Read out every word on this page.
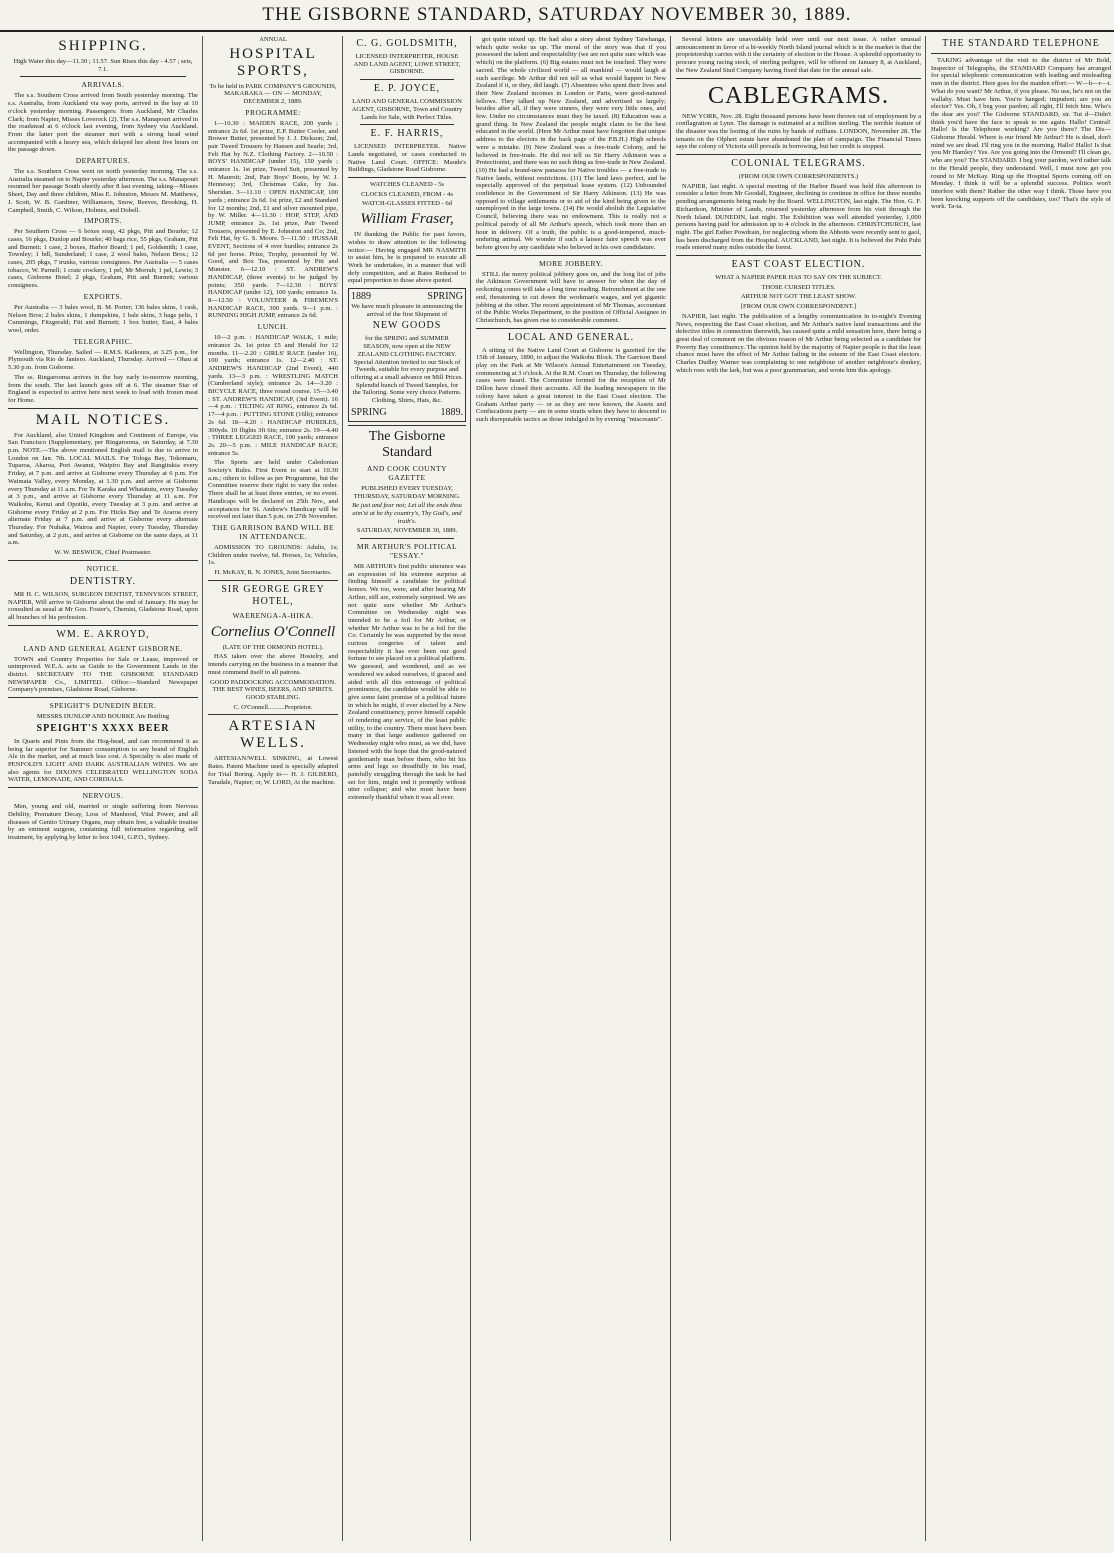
THE GISBORNE STANDARD, SATURDAY NOVEMBER 30, 1889.
SHIPPING.

High Water this day—11.30 ; 11.57. Sun Rises this day - 4.57 ; sets, 7.1.

ARRIVALS.

The s.s. Southern Cross arrived from South yesterday morning. The s.s. Australia, from Auckland via way ports, arrived in the bay at 10 o'clock yesterday morning. Passengers: from Auckland, Mr Charles Clark; from Napier, Misses Loverock (2). The s.s. Manapouri arrived in the roadstead at 6 o'clock last evening, from Sydney via Auckland. From the latter port the steamer met with a strong head wind accompanied with a heavy sea, which delayed her about five hours on the passage down.

DEPARTURES.

The s.s. Southern Cross went on north yesterday morning. The s.s. Australia steamed on to Napier yesterday afternoon. The s.s. Manapouri resumed her passage South shortly after 8 last evening, taking—Misses Sheet, Day and three children, Miss E. Johnston, Messrs M. Matthews, J. Scott, W. B. Gardiner, Williamson, Snow, Reeves, Brooking, H. Campbell, Smith, C. Wilson, Holmes, and Dobell.

IMPORTS.

Per Southern Cross — 6 boxes soap, 42 pkgs, Pitt and Bourke; 12 cases, 16 pkgs, Dunlop and Bourke; 40 bags rice, 55 pkgs, Graham, Pitt and Burnett; 1 case, 2 boxes, Harbor Board; 1 pel, Goldsmith; 1 case, Townley; 1 bdl, Sunderland; 1 case, 2 wool bales, Nelson Bros.; 12 cases, 205 pkgs, 7 trunks, various consignees. Per Australia — 5 cases tobacco, W. Parnell; 1 crate crockery, 1 pel, Mr Morrah; 1 pel, Lewis; 3 cases, Gisborne Hotel; 2 pkgs, Graham, Pitt and Burnett; various consignees.

EXPORTS.

Per Australia — 3 bales wool, B. M. Porter; 136 bales skins, 1 cask, Nelson Bros; 2 bales skins, 1 dumpskins, 1 bale skins, 3 bags pelts, 1 Cummings, Fitzgerald; Fitt and Burnett; 1 box butter, East, 4 bales wool, order.

TELEGRAPHIC.

Wellington, Thursday. Sailed — R.M.S. Kaikoura, at 3.25 p.m., for Plymouth via Rio de Janiero. Auckland, Thursday. Arrived — Ohau at 5.30 p.m. from Gisborne.

The ss. Ringarooma arrives in the bay early to-morrow morning, from the south. The last launch goes off at 6. The steamer Star of England is expected to arrive here next week to load with frozen meat for Home.

MAIL NOTICES.

For Auckland, also United Kingdom and Continent of Europe, via San Francisco (Supplementary, per Ringarooma, on Saturday, at 7.30 p.m. NOTE.—The above mentioned English mail is due to arrive in London on Jan. 7th. LOCAL MAILS. For Tologa Bay, Tokomaru, Tuparoa, Akaroa, Port Awanui, Waipiro Bay and Rangitukia every Friday, at 7 p.m. and arrive at Gisborne every Thursday at 6 p.m. For Waimata Valley, every Monday, at 1.30 p.m. and arrive at Gisborne every Thursday at 11 a.m. For Te Karaka and Whatatutu, every Tuesday at 3 p.m., and arrive at Gisborne every Thursday at 11 a.m. For Waikohu, Kenui and Opotiki, every Tuesday at 3 p.m. and arrive at Gisborne every Friday at 2 p.m. For Hicks Bay and Te Araroa every alternate Friday at 7 p.m. and arrive at Gisborne every alternate Thursday. For Nuhaka, Wairoa and Napier, every Tuesday, Thursday and Saturday, at 2 p.m., and arrive at Gisborne on the same days, at 11 a.m.

W. W. BESWICK, Chief Postmaster.

NOTICE.
DENTISTRY.

MR H. C. WILSON, SURGEON DENTIST, TENNYSON STREET, NAPIER, Will arrive in Gisborne about the end of January. He may be consulted as usual at Mr Goo. Foster's, Chemist, Gladstone Road, upon all branches of his profession.

WM. E. AKROYD,
LAND AND GENERAL AGENT GISBORNE.

TOWN and Country Properties for Sale or Lease, improved or unimproved. W.E.A. acts as Guide to the Government Lands in the district. SECRETARY TO THE GISBORNE STANDARD NEWSPAPER Co., LIMITED. Office:—Standard Newspaper Company's premises, Gladstone Road, Gisborne.

SPEIGHT'S DUNEDIN BEER.

MESSRS DUNLOP AND BOURKE Are Bottling

SPEIGHT'S XXXX BEER

In Quarts and Pints from the Hog-head, and can recommend it as being far superior for Summer consumption to any brand of English Ale in the market, and at much less cost. A Specialty is also made of PENFOLD'S LIGHT AND DARK AUSTRALIAN WINES. We are also agents for DIXON'S CELEBRATED WELLINGTON SODA WATER, LEMONADE, AND CORDIALS.

NERVOUS.

Men, young and old, married or single suffering from Nervous Debility, Premature Decay, Loss of Manhood, Vital Power, and all diseases of Genito Urinary Organs, may obtain free, a valuable treatise by an eminent surgeon, containing full information regarding self treatment, by applying by letter to box 1041, G.P.O., Sydney.

ANNUAL

HOSPITAL SPORTS,

To be held in PARK COMPANY'S GROUNDS, MAKARAKA — ON — MONDAY, DECEMBER 2, 1889.

PROGRAMME:

1—10.30 : MAIDEN RACE, 200 yards ; entrance 2s 6d. 1st prize, E.P. Butter Cooler, and Brower Butter, presented by J. J. Dickson; 2nd, pair Tweed Trousers by Hansen and Searle; 3rd, Felt Hat by N.Z. Clothing Factory. 2—10.50 : BOYS' HANDICAP (under 15), 150 yards ; entrance 1s. 1st prize, Tweed Suit, presented by H. Mauroit; 2nd, Pair Boys' Boots, by W. J. Hennessy; 3rd, Christmas Cake, by Jas. Sheridan. 3—11.10 : OPEN HANDICAP, 100 yards ; entrance 2s 6d. 1st prize, £2 and Standard for 12 months; 2nd, £1 and silver mounted pipe, by W. Miller. 4—11.30 : HOP, STEP, AND JUMP, entrance 2s. 1st prize, Pair Tweed Trousers, presented by E. Johnston and Co; 2nd, Felt Hat, by G. S. Moore. 5—11.50 : HUSSAR EVENT, Sections of 4 over hurdles; entrance 2s 6d per horse. Prize, Trophy, presented by W. Good, and Box Tea, presented by Pitt and Munster. 6—12.10 : ST. ANDREW'S HANDICAP, (three events) to be judged by points; 350 yards. 7—12.30 : BOYS' HANDICAP (under 12), 100 yards; entrance 1s. 8—12.50 : VOLUNTEER & FIREMEN'S HANDICAP RACE, 300 yards. 9—1 p.m. : RUNNING HIGH JUMP, entrance 2s 6d.

LUNCH.

10—2 p.m. : HANDICAP WALK, 1 mile; entrance 2s. 1st prize £5 and Herald for 12 months. 11—2.20 : GIRLS' RACE (under 16), 100 yards; entrance 1s. 12—2.40 : ST. ANDREW'S HANDICAP (2nd Event), 440 yards. 13—3 p.m. : WRESTLING MATCH (Cumberland style); entrance 2s. 14—3.20 : BICYCLE RACE, three round course. 15—3.40 : ST. ANDREW'S HANDICAP, (3rd Event). 16—4 p.m. : TILTING AT RING, entrance 2s 6d. 17—4 p.m. : PUTTING STONE (16lb); entrance 2s 6d. 18—4.20 : HANDICAP HURDLES, 300yds. 10 flights 3ft 6in; entrance 2s. 19—4.40 : THREE LEGGED RACE, 100 yards; entrance 2s. 20—5 p.m. : MILE HANDICAP RACE; entrance 5s.

The Sports are held under Caledonian Society's Rules. First Event to start at 10.30 a.m.; others to follow as per Programme, but the Committee reserve their right to vary the order. There shall be at least three entries, or no event. Handicaps will be declared on 25th Nov., and acceptances for St. Andrew's Handicap will be received not later than 5 p.m. on 27th November.

THE GARRISON BAND WILL BE IN ATTENDANCE.

ADMISSION TO GROUNDS: Adults, 1s; Children under twelve, 6d. Horses, 1s; Vehicles, 1s.

H. McKAY, R. N. JONES, Joint Secretaries.

SIR GEORGE GREY HOTEL,
WAERENGA-A-HIKA.
Cornelius O'Connell

(LATE OF THE ORMOND HOTEL).

HAS taken over the above Hostelry, and intends carrying on the business in a manner that must commend itself to all patrons.

GOOD PADDOCKING ACCOMMODATION. THE BEST WINES, BEERS, AND SPIRITS. GOOD STABLING.

C. O'Connell..........Proprietor.

ARTESIAN WELLS.

ARTESIAN/WELL SINKING, at Lowest Rates. Patent Machine used is specially adapted for Trial Boring. Apply to— H. J. GILBERD, Taradale, Napier; or, W. LORD, At the machine.

C. G. GOLDSMITH,

LICENSED INTERPRETER, HOUSE AND LAND AGENT, LOWE STREET, GISBORNE.

E. P. JOYCE,

LAND AND GENERAL COMMISSION AGENT, GISBORNE, Town and Country Lands for Sale, with Perfect Titles.

E. F. HARRIS,

LICENSED INTERPRETER. Native Lands negotiated, or cases conducted in Native Land Court. OFFICE: Maude's Buildings, Gladstone Road Gisborne.

WATCHES CLEANED - 5s

CLOCKS CLEANED, FROM - 4s

WATCH-GLASSES FITTED - 6d

William Fraser,

IN thanking the Public for past favors, wishes to draw attention to the following notice:— Having engaged MR NASMITH to assist him, he is prepared to execute all Work he undertakes, in a manner that will defy competition, and at Rates Reduced to equal proportion to those above quoted.

1889	SPRING

We have much pleasure in announcing the arrival of the first Shipment of

NEW GOODS

for the SPRING and SUMMER SEASON, now open at the NEW ZEALAND CLOTHING FACTORY. Special Attention invited to our Stock of Tweeds, suitable for every purpose and offering at a small advance on Mill Prices. Splendid bunch of Tweed Samples, for the Tailoring. Some very choice Patterns. Clothing, Shirts, Hats, &c.

SPRING	1889.
The Gisborne Standard
AND COOK COUNTY GAZETTE

PUBLISHED EVERY TUESDAY, THURSDAY, SATURDAY MORNING.

Be just and fear not; Let all the ends thou aim'st at be thy country's, Thy God's, and truth's.

SATURDAY, NOVEMBER 30, 1889.

MR ARTHUR'S POLITICAL "ESSAY."

MR ARTHUR's first public utterance was an expression of his extreme surprise at finding himself a candidate for political honors. We too, were, and after hearing Mr Arthur, still are, extremely surprised. We are not quite sure whether Mr Arthur's Committee on Wednesday night was intended to be a foil for Mr Arthur, or whether Mr Arthur was to be a foil for the Co. Certainly he was supported by the most curious congeries of talent and respectability it has ever been our good fortune to see placed on a political platform. We guessed, and wondered, and as we wondered we asked ourselves, if graced and aided with all this entourage of political prominence, the candidate would be able to give some faint promise of a political future in which he might, if ever elected by a New Zealand constituency, prove himself capable of rendering any service, of the least public utility, to the country. There must have been many in that large audience gathered on Wednesday night who must, as we did, have listened with the hope that the good-natured gentlemanly man before them, who bit his arms and legs so dreadfully in his road, painfully struggling through the task he had set for him, might end it promptly without utter collapse; and who must have been extremely thankful when it was all over.

got quite mixed up. He had also a story about Sydney Taiwhanga, which quite woke us up. The moral of the story was that if you possessed the talent and respectability (we are not quite sure which was which) on the platform. (6) Big estates must not be touched. They were sacred. The whole civilized world — all mankind — would laugh at such sacrilege. Mr Arthur did not tell us what would happen to New Zealand if it, or they, did laugh. (7) Absentees who spent their lives and their New Zealand incomes in London or Paris, were good-natured fellows. They talked up New Zealand, and advertised us largely; besides after all, if they were sinners, they were very little ones, and few. Under no circumstances must they be taxed. (8) Education was a grand thing. In New Zealand the people might claim to be the best educated in the world. (Here Mr Arthur must have forgotten that unique address to the electors in the back page of the P.B.H.) High schools were a mistake. (9) New Zealand was a free-trade Colony, and he believed in free-trade. He did not tell us Sir Harry Atkinson was a Protectionist, and there was no such thing as free-trade in New Zealand. (10) He had a brand-new panacea for Native troubles — a free-trade in Native lands, without restrictions. (11) The land laws perfect, and he especially approved of the perpetual lease system. (12) Unbounded confidence in the Government of Sir Harry Atkinson. (13) He was opposed to village settlements or to aid of the kind being given to the unemployed in the large towns. (14) He would abolish the Legislative Council, believing there was no endowment. This is really not a political parody of all Mr Arthur's speech, which took more than an hour in delivery. Of a truth, the public is a good-tempered, much-enduring animal. We wonder if such a laissez faire speech was ever before given by any candidate who believed in his own candidature.

MORE JOBBERY.

STILL the merry political jobbery goes on, and the long list of jobs the Atkinson Government will have to answer for when the day of reckoning comes will take a long time reading. Retrenchment at the one end, threatening to cut down the workman's wages, and yet gigantic jobbing at the other. The recent appointment of Mr Thomas, accountant of the Public Works Department, to the position of Official Assignee in Christchurch, has given rise to considerable comment.

LOCAL AND GENERAL.

A sitting of the Native Land Court at Gisborne is gazetted for the 15th of January, 1890, to adjust the Waikohu Block. The Garrison Band play on the Park at Mr Wilson's Annual Entertainment on Tuesday, commencing at 3 o'clock. At the R.M. Court on Thursday, the following cases were heard. The Committee formed for the reception of Mr Dillon have closed their accounts. All the leading newspapers in the colony have taken a great interest in the East Coast election. The Graham Arthur party — or as they are now known, the Assets and Confiscations party — are in some straits when they have to descend to such disreputable tactics as those indulged in by evening "miscreants".

Several letters are unavoidably held over until our next issue. A rather unusual announcement in favor of a bi-weekly North Island journal which is in the market is that the proprietorship carries with it the certainty of election to the House. A splendid opportunity to procure young racing stock, of sterling pedigree, will be offered on January 8, at Auckland, the New Zealand Stud Company having fixed that date for the annual sale.

CABLEGRAMS.

NEW YORK, Nov. 28. Eight thousand persons have been thrown out of employment by a conflagration at Lynn. The damage is estimated at a million sterling. The terrible feature of the disaster was the looting of the ruins by bands of ruffians. LONDON, November 28. The tenants on the Olphert estate have abandoned the plan of campaign. The Financial Times says the colony of Victoria still prevails in borrowing, but her credit is stopped.

COLONIAL TELEGRAMS.

(FROM OUR OWN CORRESPONDENTS.)

NAPIER, last night. A special meeting of the Harbor Board was held this afternoon to consider a letter from Mr Goodall, Engineer, declining to continue in office for three months pending arrangements being made by the Board. WELLINGTON, last night. The Hon. G. F. Richardson, Minister of Lands, returned yesterday afternoon from his visit through the North Island. DUNEDIN, last night. The Exhibition was well attended yesterday, 1,000 persons having paid for admission up to 4 o'clock in the afternoon. CHRISTCHURCH, last night. The girl Esther Powdrain, for neglecting whom the Abbotts were recently sent to gaol, has been discharged from the Hospital. AUCKLAND, last night. It is believed the Puhi Puhi roads entered many miles outside the forest.

EAST COAST ELECTION.

WHAT A NAPIER PAPER HAS TO SAY ON THE SUBJECT.

THOSE CURSED TITLES.

ARTHUR NOT GOT THE LEAST SHOW.

[FROM OUR OWN CORRESPONDENT.]

NAPIER, last night. The publication of a lengthy communication in to-night's Evening News, respecting the East Coast election, and Mr Arthur's native land transactions and the defective titles in connection therewith, has caused quite a mild sensation here, there being a great deal of comment on the obvious reason of Mr Arthur being selected as a candidate for Poverty Bay constituency. The opinion held by the majority of Napier people is that the least chance must have the effect of Mr Arthur failing in the esteem of the East Coast electors. Charles Dudley Warner was complaining to one neighbour of another neighbour's donkey, which roes with the lark, but was a poor grammarian, and wrote him this apology.

THE STANDARD TELEPHONE

TAKING advantage of the visit to the district of Mr Bold, Inspector of Telegraphs, the STANDARD Company has arranged for special telephonic communication with leading and misleading men in the district. Here goes for the maiden effort:— W—h—r—t. What do you want? Mr Arthur, if you please. No use, he's not on the wallaby. Must have him. You're hanged; impudent; are you an elector? Yes. Oh, I beg your pardon; all right, I'll fetch him. Who's the dear are you? The Gisborne STANDARD, sir. Tut d—Didn't think you'd have the face to speak to me again. Hallo! Central! Hallo! Is the Telephone working? Are you there? The Dis—Gisborne Herald. Where is our friend Mr Arthur? He is dead, don't mind we are dead. I'll ring you in the morning. Hallo! Hallo! Is that you Mr Hamley? Yes. Are you going into the Ormond? I'll clean go, who are you? The STANDARD. I beg your pardon, we'd rather talk to the Herald people, they understand. Well, I must now get you round to Mr McKay. Ring up the Hospital Sports coming off on Monday. I think it will be a splendid success. Politics won't interfere with them? Rather the other way I think. Those have you been knocking supports off the candidates, too? That's the style of work. Ta-ta.
